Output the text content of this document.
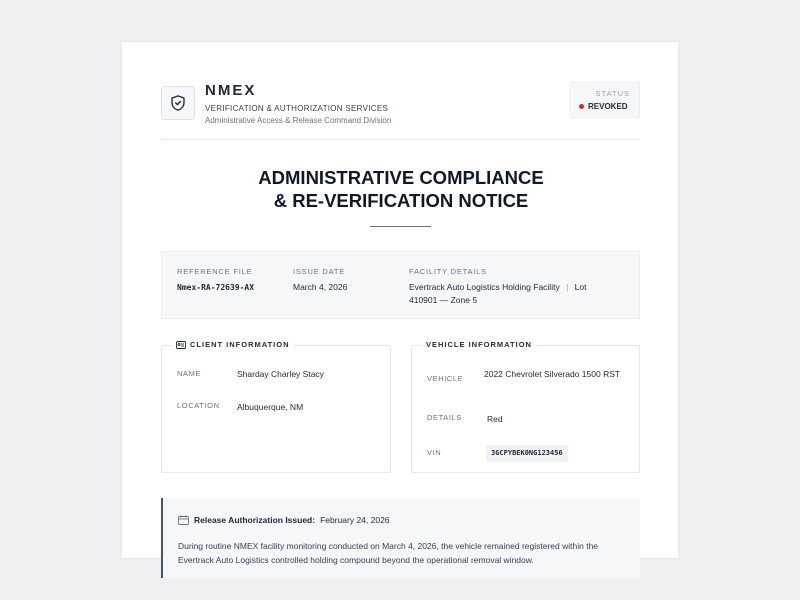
NMEX
VERIFICATION & AUTHORIZATION SERVICES
Administrative Access & Release Command Division
STATUS
REVOKED
ADMINISTRATIVE COMPLIANCE
& RE-VERIFICATION NOTICE
REFERENCE FILE
Nmex-RA-72639-AX
ISSUE DATE
March 4, 2026
FACILITY DETAILS
Evertrack Auto Logistics Holding Facility | Lot
410901 — Zone 5
CLIENT INFORMATION
NAME	Sharday Charley Stacy
LOCATION Albuquerque, NM
VEHICLE INFORMATION
VEHICLE 2022 Chevrolet Silverado 1500 RST
DETAILS	Red
VIN	3GCPYBEK0NG123456
Release Authorization Issued: February 24, 2026
During routine NMEX facility monitoring conducted on March 4, 2026, the vehicle remained registered within the Evertrack Auto Logistics controlled holding compound beyond the operational removal window.
